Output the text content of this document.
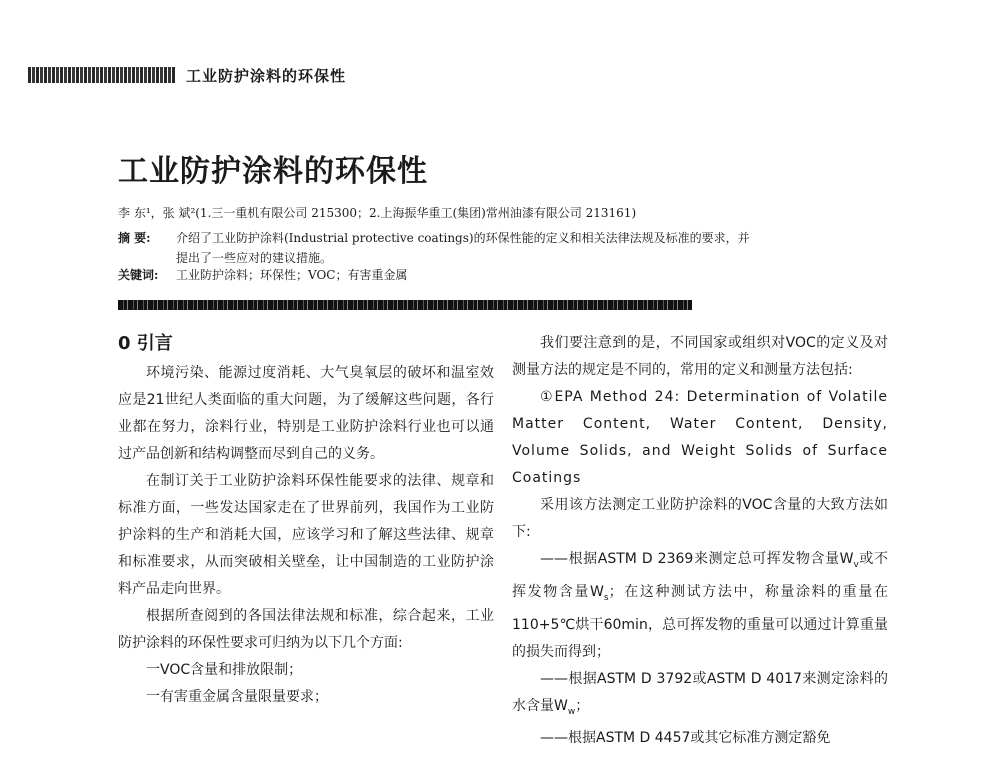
工业防护涂料的环保性
工业防护涂料的环保性
李 东¹，张 斌²(1.三一重机有限公司 215300；2.上海振华重工(集团)常州油漆有限公司 213161)
摘 要: 介绍了工业防护涂料(Industrial protective coatings)的环保性能的定义和相关法律法规及标准的要求，并
提出了一些应对的建议措施。
关键词: 工业防护涂料；环保性；VOC；有害重金属
0 引言

环境污染、能源过度消耗、大气臭氧层的破坏和温室效应是21世纪人类面临的重大问题，为了缓解这些问题，各行业都在努力，涂料行业，特别是工业防护涂料行业也可以通过产品创新和结构调整而尽到自己的义务。

在制订关于工业防护涂料环保性能要求的法律、规章和标准方面，一些发达国家走在了世界前列，我国作为工业防护涂料的生产和消耗大国，应该学习和了解这些法律、规章和标准要求，从而突破相关壁垒，让中国制造的工业防护涂料产品走向世界。

根据所查阅到的各国法律法规和标准，综合起来，工业防护涂料的环保性要求可归纳为以下几个方面:

一VOC含量和排放限制；
一有害重金属含量限量要求；

我们要注意到的是，不同国家或组织对VOC的定义及对测量方法的规定是不同的，常用的定义和测量方法包括:

①EPA Method 24: Determination of Volatile Matter Content, Water Content, Density, Volume Solids, and Weight Solids of Surface Coatings

采用该方法测定工业防护涂料的VOC含量的大致方法如下:

——根据ASTM D 2369来测定总可挥发物含量$W_v$或不挥发物含量$W_s$；在这种测试方法中，称量涂料的重量在110+5℃烘干60min，总可挥发物的重量可以通过计算重量的损失而得到；

——根据ASTM D 3792或ASTM D 4017来测定涂料的水含量$W_w$；

——根据ASTM D 4457或其它标准方测定豁免
